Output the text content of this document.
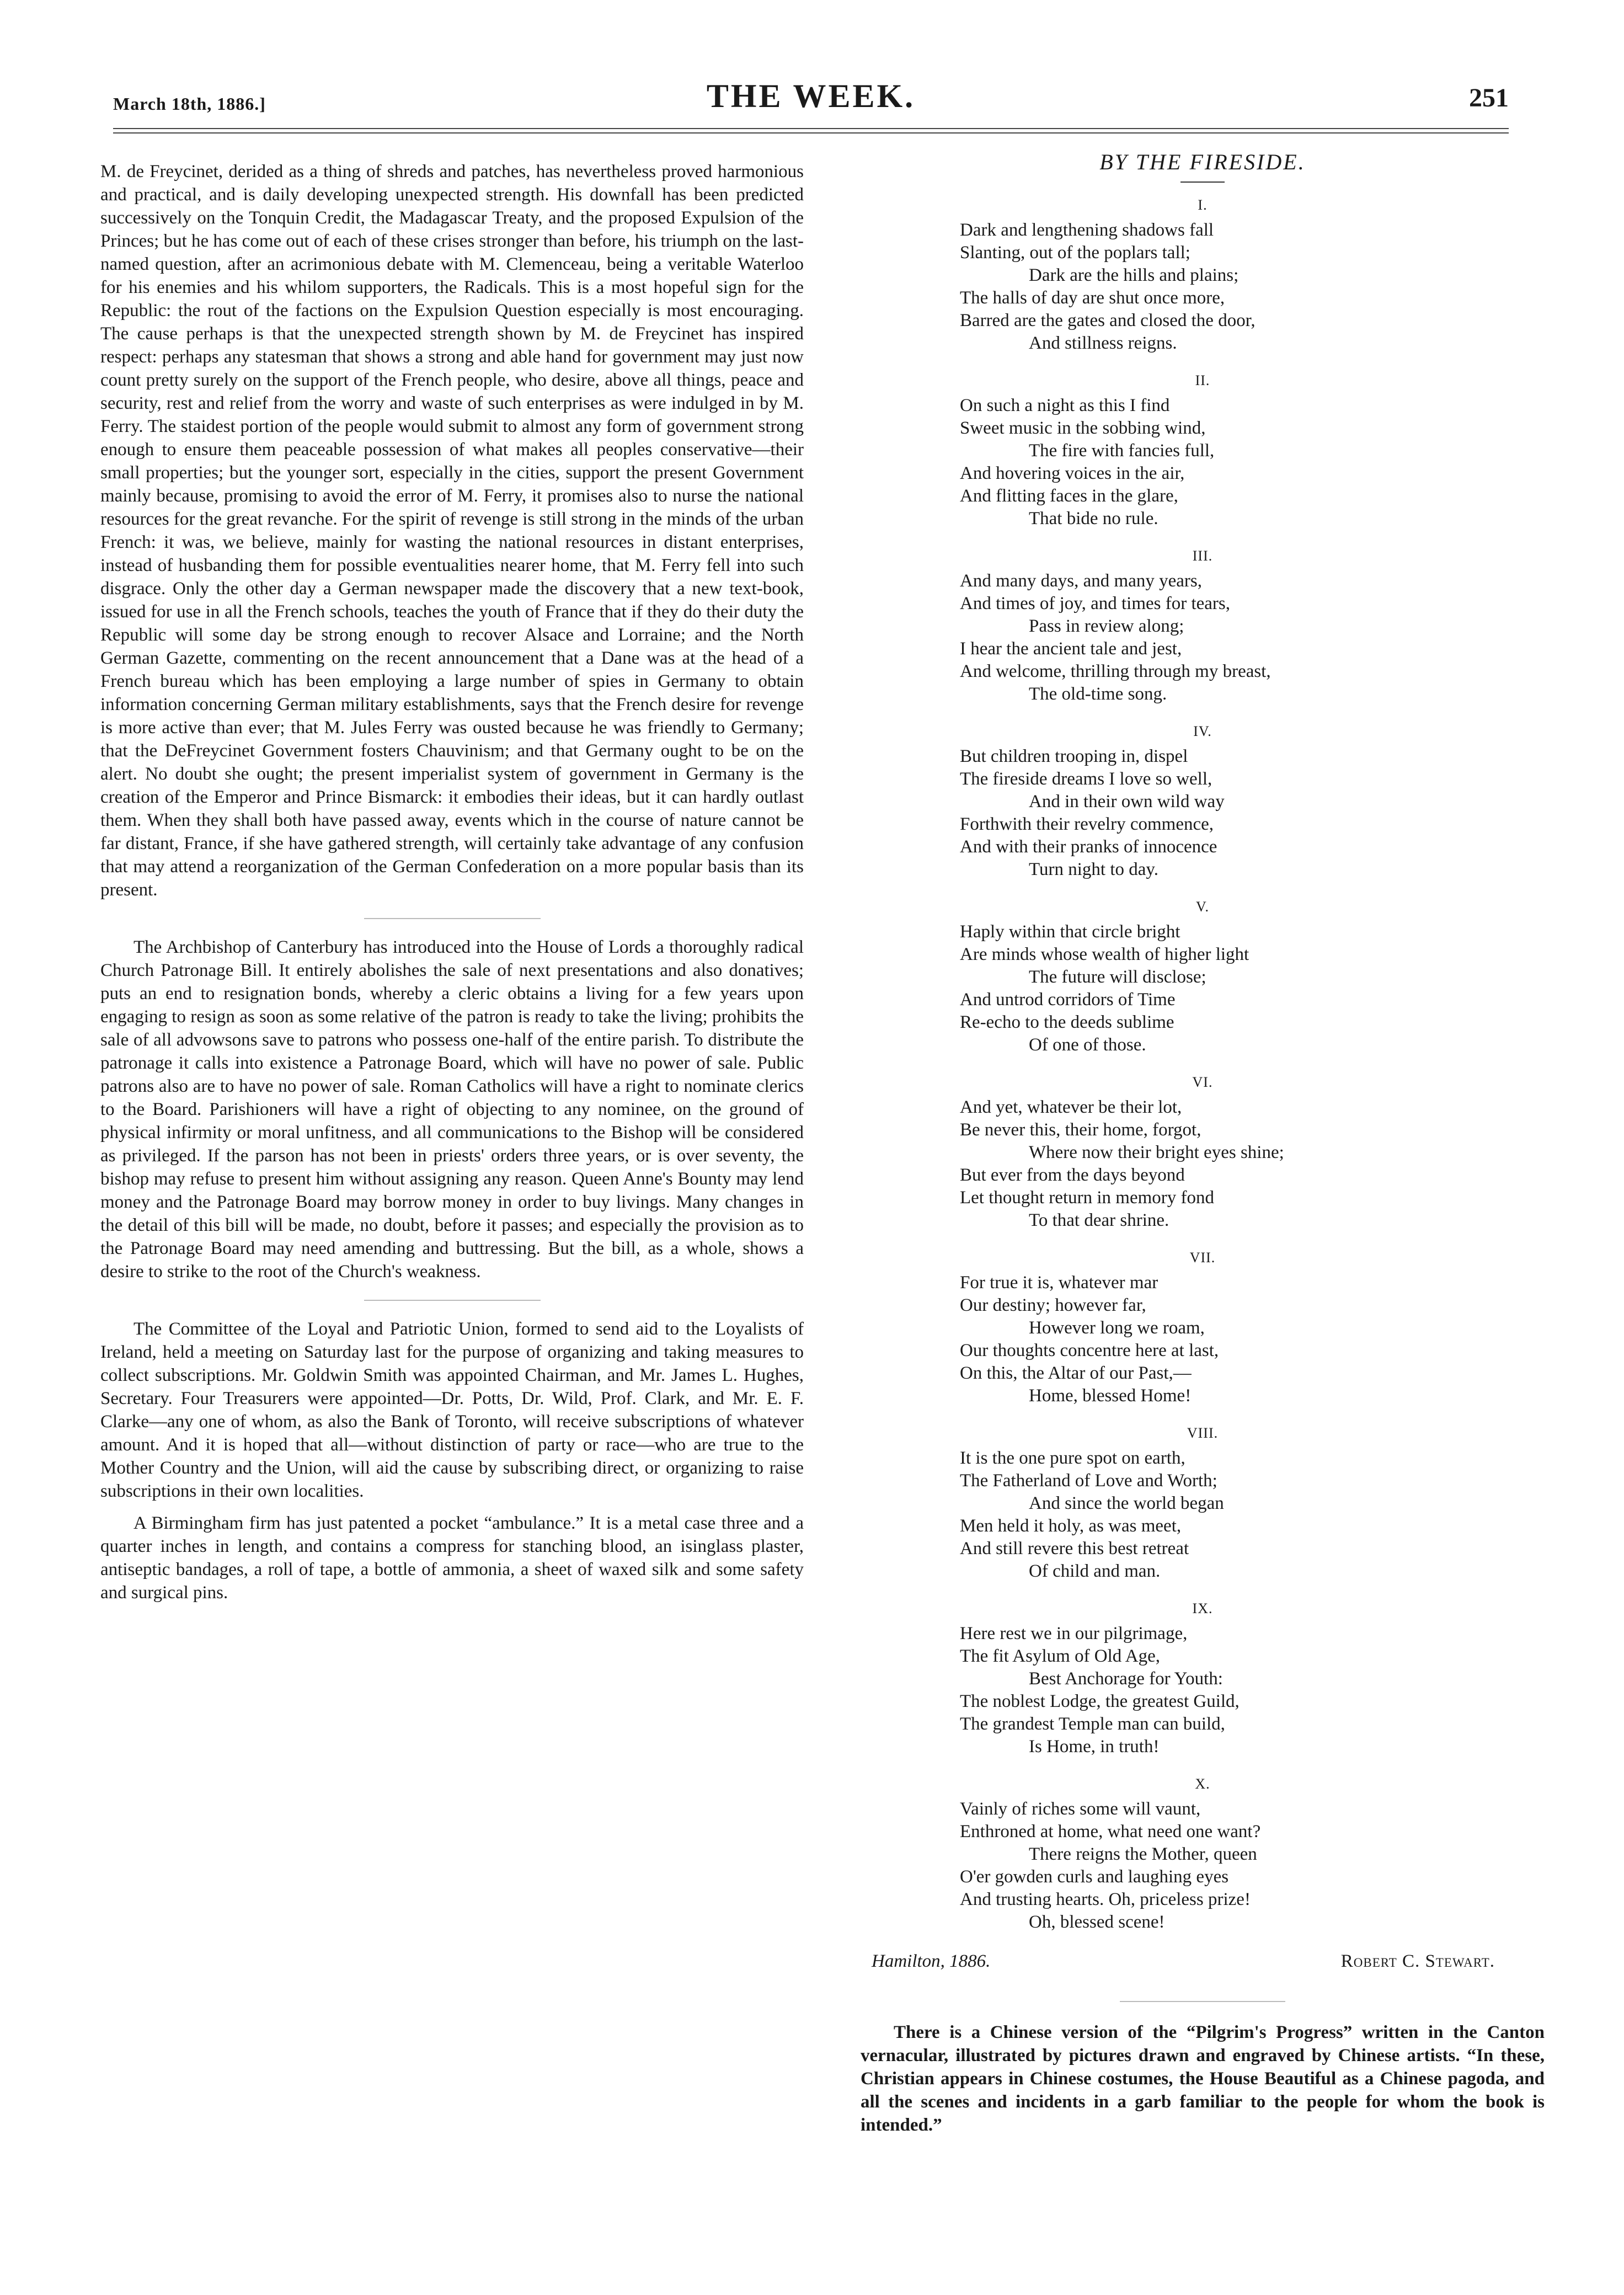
March 18th, 1886.]	THE WEEK.	251

M. de Freycinet, derided as a thing of shreds and patches, has nevertheless proved harmonious and practical, and is daily developing unexpected strength. His downfall has been predicted successively on the Tonquin Credit, the Madagascar Treaty, and the proposed Expulsion of the Princes; but he has come out of each of these crises stronger than before, his triumph on the last-named question, after an acrimonious debate with M. Clemenceau, being a veritable Waterloo for his enemies and his whilom supporters, the Radicals. This is a most hopeful sign for the Republic: the rout of the factions on the Expulsion Question especially is most encouraging. The cause perhaps is that the unexpected strength shown by M. de Freycinet has inspired respect: perhaps any statesman that shows a strong and able hand for government may just now count pretty surely on the support of the French people, who desire, above all things, peace and security, rest and relief from the worry and waste of such enterprises as were indulged in by M. Ferry. The staidest portion of the people would submit to almost any form of government strong enough to ensure them peaceable possession of what makes all peoples conservative—their small properties; but the younger sort, especially in the cities, support the present Government mainly because, promising to avoid the error of M. Ferry, it promises also to nurse the national resources for the great revanche. For the spirit of revenge is still strong in the minds of the urban French: it was, we believe, mainly for wasting the national resources in distant enterprises, instead of husbanding them for possible eventualities nearer home, that M. Ferry fell into such disgrace. Only the other day a German newspaper made the discovery that a new text-book, issued for use in all the French schools, teaches the youth of France that if they do their duty the Republic will some day be strong enough to recover Alsace and Lorraine; and the North German Gazette, commenting on the recent announcement that a Dane was at the head of a French bureau which has been employing a large number of spies in Germany to obtain information concerning German military establishments, says that the French desire for revenge is more active than ever; that M. Jules Ferry was ousted because he was friendly to Germany; that the DeFreycinet Government fosters Chauvinism; and that Germany ought to be on the alert. No doubt she ought; the present imperialist system of government in Germany is the creation of the Emperor and Prince Bismarck: it embodies their ideas, but it can hardly outlast them. When they shall both have passed away, events which in the course of nature cannot be far distant, France, if she have gathered strength, will certainly take advantage of any confusion that may attend a reorganization of the German Confederation on a more popular basis than its present.

The Archbishop of Canterbury has introduced into the House of Lords a thoroughly radical Church Patronage Bill. It entirely abolishes the sale of next presentations and also donatives; puts an end to resignation bonds, whereby a cleric obtains a living for a few years upon engaging to resign as soon as some relative of the patron is ready to take the living; prohibits the sale of all advowsons save to patrons who possess one-half of the entire parish. To distribute the patronage it calls into existence a Patronage Board, which will have no power of sale. Public patrons also are to have no power of sale. Roman Catholics will have a right to nominate clerics to the Board. Parishioners will have a right of objecting to any nominee, on the ground of physical infirmity or moral unfitness, and all communications to the Bishop will be considered as privileged. If the parson has not been in priests' orders three years, or is over seventy, the bishop may refuse to present him without assigning any reason. Queen Anne's Bounty may lend money and the Patronage Board may borrow money in order to buy livings. Many changes in the detail of this bill will be made, no doubt, before it passes; and especially the provision as to the Patronage Board may need amending and buttressing. But the bill, as a whole, shows a desire to strike to the root of the Church's weakness.

The Committee of the Loyal and Patriotic Union, formed to send aid to the Loyalists of Ireland, held a meeting on Saturday last for the purpose of organizing and taking measures to collect subscriptions. Mr. Goldwin Smith was appointed Chairman, and Mr. James L. Hughes, Secretary. Four Treasurers were appointed—Dr. Potts, Dr. Wild, Prof. Clark, and Mr. E. F. Clarke—any one of whom, as also the Bank of Toronto, will receive subscriptions of whatever amount. And it is hoped that all—without distinction of party or race—who are true to the Mother Country and the Union, will aid the cause by subscribing direct, or organizing to raise subscriptions in their own localities.

A Birmingham firm has just patented a pocket “ambulance.” It is a metal case three and a quarter inches in length, and contains a compress for stanching blood, an isinglass plaster, antiseptic bandages, a roll of tape, a bottle of ammonia, a sheet of waxed silk and some safety and surgical pins.

BY THE FIRESIDE.
I.
Dark and lengthening shadows fall
Slanting, out of the poplars tall;
Dark are the hills and plains;
The halls of day are shut once more,
Barred are the gates and closed the door,
And stillness reigns.
II.
On such a night as this I find
Sweet music in the sobbing wind,
The fire with fancies full,
And hovering voices in the air,
And flitting faces in the glare,
That bide no rule.
III.
And many days, and many years,
And times of joy, and times for tears,
Pass in review along;
I hear the ancient tale and jest,
And welcome, thrilling through my breast,
The old-time song.
IV.
But children trooping in, dispel
The fireside dreams I love so well,
And in their own wild way
Forthwith their revelry commence,
And with their pranks of innocence
Turn night to day.
V.
Haply within that circle bright
Are minds whose wealth of higher light
The future will disclose;
And untrod corridors of Time
Re-echo to the deeds sublime
Of one of those.
VI.
And yet, whatever be their lot,
Be never this, their home, forgot,
Where now their bright eyes shine;
But ever from the days beyond
Let thought return in memory fond
To that dear shrine.
VII.
For true it is, whatever mar
Our destiny; however far,
However long we roam,
Our thoughts concentre here at last,
On this, the Altar of our Past,—
Home, blessed Home!
VIII.
It is the one pure spot on earth,
The Fatherland of Love and Worth;
And since the world began
Men held it holy, as was meet,
And still revere this best retreat
Of child and man.
IX.
Here rest we in our pilgrimage,
The fit Asylum of Old Age,
Best Anchorage for Youth:
The noblest Lodge, the greatest Guild,
The grandest Temple man can build,
Is Home, in truth!
X.
Vainly of riches some will vaunt,
Enthroned at home, what need one want?
There reigns the Mother, queen
O'er gowden curls and laughing eyes
And trusting hearts. Oh, priceless prize!
Oh, blessed scene!
Hamilton, 1886.	Robert C. Stewart.

There is a Chinese version of the “Pilgrim's Progress” written in the Canton vernacular, illustrated by pictures drawn and engraved by Chinese artists. “In these, Christian appears in Chinese costumes, the House Beautiful as a Chinese pagoda, and all the scenes and incidents in a garb familiar to the people for whom the book is intended.”
